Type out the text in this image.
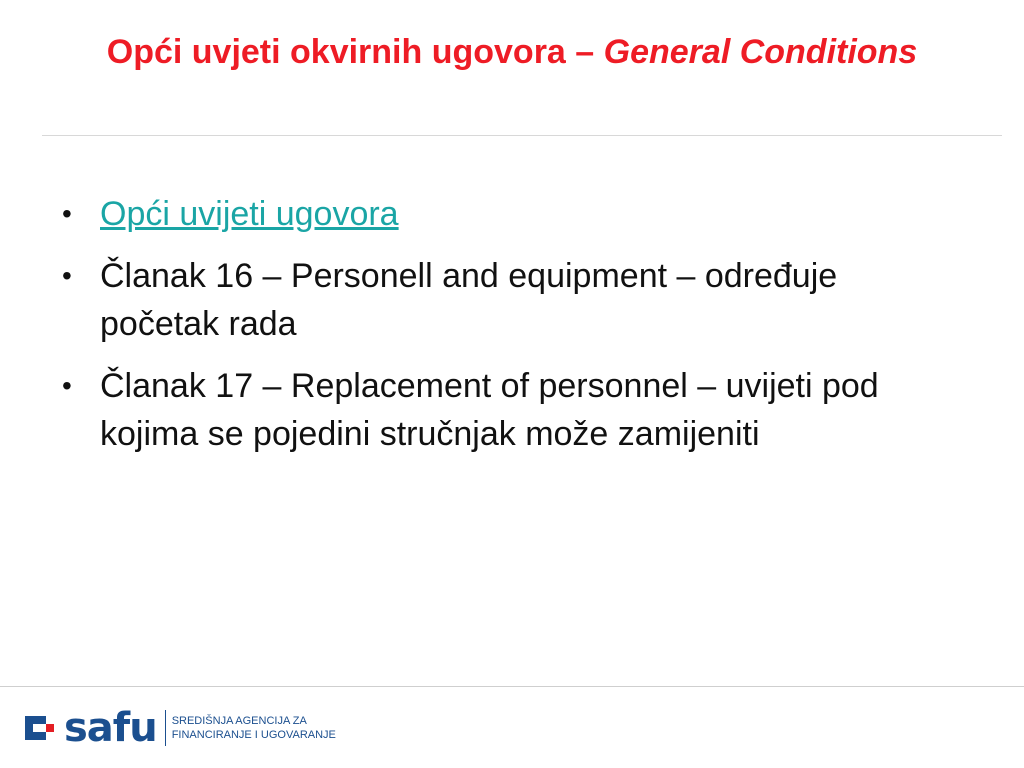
Opći uvjeti okvirnih ugovora – General Conditions
• Opći uvijeti ugovora
• Članak 16 – Personell and equipment – određuje početak rada
• Članak 17 – Replacement of personnel – uvijeti pod kojima se pojedini stručnjak može zamijeniti
safu SREDIŠNJA AGENCIJA ZA
FINANCIRANJE I UGOVARANJE
